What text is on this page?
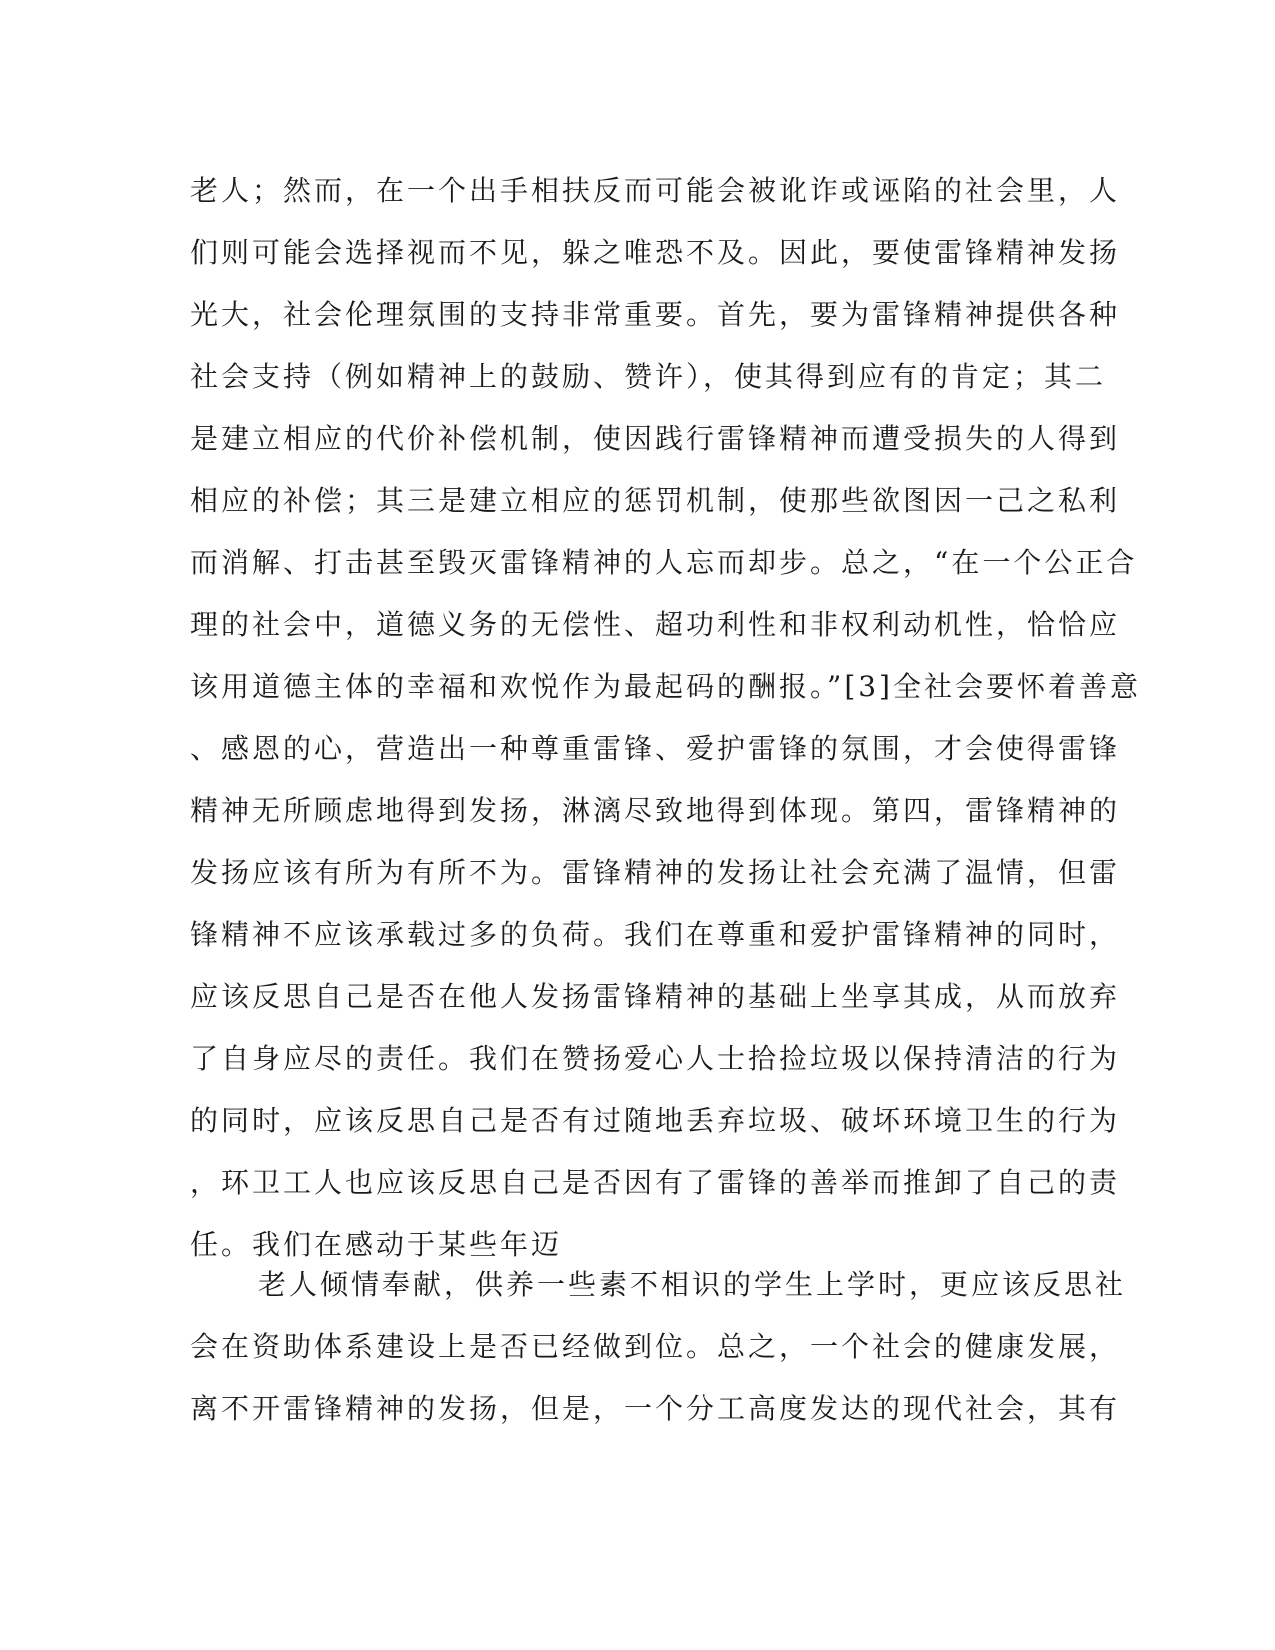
老人；然而，在一个出手相扶反而可能会被讹诈或诬陷的社会里，人
们则可能会选择视而不见，躲之唯恐不及。因此，要使雷锋精神发扬
光大，社会伦理氛围的支持非常重要。首先，要为雷锋精神提供各种
社会支持（例如精神上的鼓励、赞许），使其得到应有的肯定；其二
是建立相应的代价补偿机制，使因践行雷锋精神而遭受损失的人得到
相应的补偿；其三是建立相应的惩罚机制，使那些欲图因一己之私利
而消解、打击甚至毁灭雷锋精神的人忘而却步。总之，“在一个公正合
理的社会中，道德义务的无偿性、超功利性和非权利动机性，恰恰应
该用道德主体的幸福和欢悦作为最起码的酬报。”[3]全社会要怀着善意
、感恩的心，营造出一种尊重雷锋、爱护雷锋的氛围，才会使得雷锋
精神无所顾虑地得到发扬，淋漓尽致地得到体现。第四，雷锋精神的
发扬应该有所为有所不为。雷锋精神的发扬让社会充满了温情，但雷
锋精神不应该承载过多的负荷。我们在尊重和爱护雷锋精神的同时，
应该反思自己是否在他人发扬雷锋精神的基础上坐享其成，从而放弃
了自身应尽的责任。我们在赞扬爱心人士拾捡垃圾以保持清洁的行为
的同时，应该反思自己是否有过随地丢弃垃圾、破坏环境卫生的行为
，环卫工人也应该反思自己是否因有了雷锋的善举而推卸了自己的责
任。我们在感动于某些年迈
老人倾情奉献，供养一些素不相识的学生上学时，更应该反思社
会在资助体系建设上是否已经做到位。总之，一个社会的健康发展，
离不开雷锋精神的发扬，但是，一个分工高度发达的现代社会，其有
